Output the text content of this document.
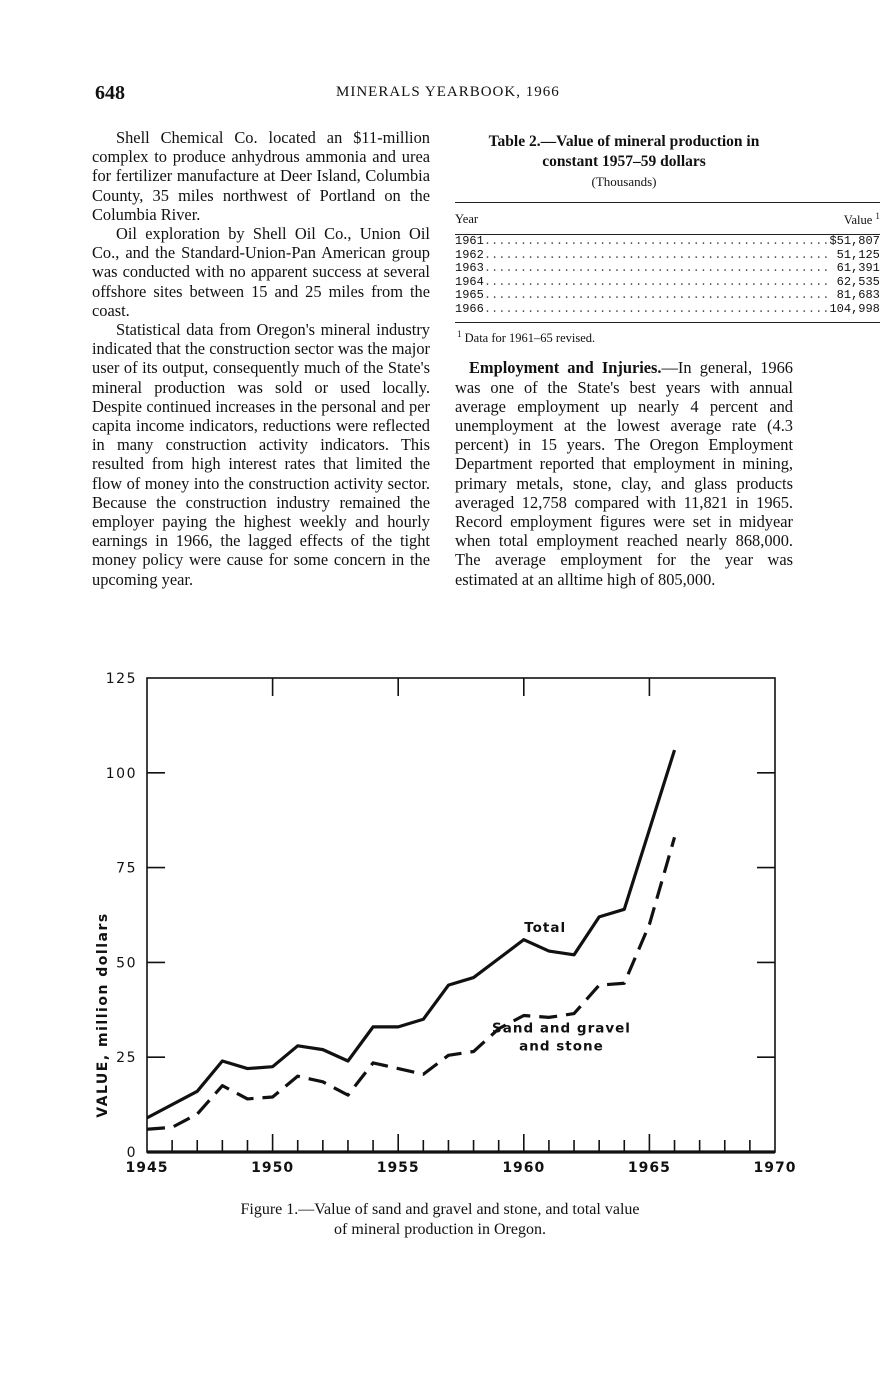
648	MINERALS YEARBOOK, 1966

Shell Chemical Co. located an $11-million complex to produce anhydrous ammonia and urea for fertilizer manufacture at Deer Island, Columbia County, 35 miles northwest of Portland on the Columbia River.

Oil exploration by Shell Oil Co., Union Oil Co., and the Standard-Union-Pan American group was conducted with no apparent success at several offshore sites between 15 and 25 miles from the coast.

Statistical data from Oregon's mineral industry indicated that the construction sector was the major user of its output, consequently much of the State's mineral production was sold or used locally. Despite continued increases in the personal and per capita income indicators, reductions were reflected in many construction activity indicators. This resulted from high interest rates that limited the flow of money into the construction activity sector. Because the construction industry remained the employer paying the highest weekly and hourly earnings in 1966, the lagged effects of the tight money policy were cause for some concern in the upcoming year.

Table 2.—Value of mineral production in
constant 1957–59 dollars
(Thousands)
Year	Value $^1$
1961................................................	$51,807
1962................................................	51,125
1963................................................	61,391
1964................................................	62,535
1965................................................	81,683
1966................................................	104,998
$^1$ Data for 1961–65 revised.
Employment and Injuries.—In general, 1966 was one of the State's best years with annual average employment up nearly 4 percent and unemployment at the lowest average rate (4.3 percent) in 15 years. The Oregon Employment Department reported that employment in mining, primary metals, stone, clay, and glass products averaged 12,758 compared with 11,821 in 1965. Record employment figures were set in midyear when total employment reached nearly 868,000. The average employment for the year was estimated at an alltime high of 805,000.
0
25
50
75
100
125
1945	1950	1955	1960	1965	1970
VALUE, million dollars	Total
Sand and gravel
and stone
Figure 1.—Value of sand and gravel and stone, and total value
of mineral production in Oregon.
